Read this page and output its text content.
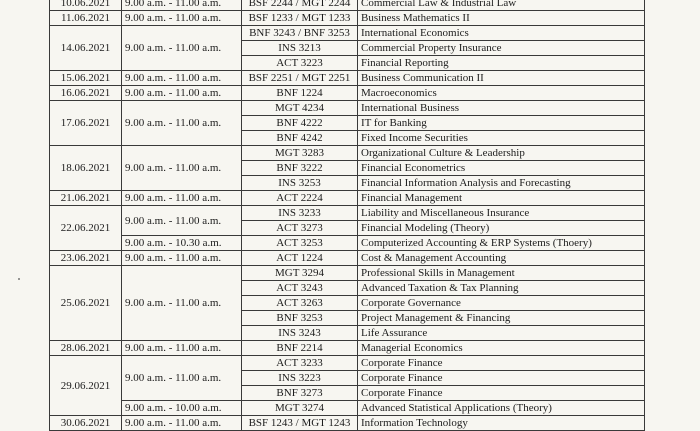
10.06.2021	9.00 a.m. - 11.00 a.m.	BSF 2244 / MGT 2244	Commercial Law & Industrial Law
11.06.2021	9.00 a.m. - 11.00 a.m.	BSF 1233 / MGT 1233	Business Mathematics II
14.06.2021	9.00 a.m. - 11.00 a.m.	BNF 3243 / BNF 3253	International Economics
		INS 3213	Commercial Property Insurance
		ACT 3223	Financial Reporting
15.06.2021	9.00 a.m. - 11.00 a.m.	BSF 2251 / MGT 2251	Business Communication II
16.06.2021	9.00 a.m. - 11.00 a.m.	BNF 1224	Macroeconomics
17.06.2021	9.00 a.m. - 11.00 a.m.	MGT 4234	International Business
		BNF 4222	IT for Banking
		BNF 4242	Fixed Income Securities
18.06.2021	9.00 a.m. - 11.00 a.m.	MGT 3283	Organizational Culture & Leadership
		BNF 3222	Financial Econometrics
		INS 3253	Financial Information Analysis and Forecasting
21.06.2021	9.00 a.m. - 11.00 a.m.	ACT 2224	Financial Management
22.06.2021	9.00 a.m. - 11.00 a.m.	INS 3233	Liability and Miscellaneous Insurance
		ACT 3273	Financial Modeling (Theory)
	9.00 a.m. - 10.30 a.m.	ACT 3253	Computerized Accounting & ERP Systems (Thoery)
23.06.2021	9.00 a.m. - 11.00 a.m.	ACT 1224	Cost & Management Accounting
25.06.2021	9.00 a.m. - 11.00 a.m.	MGT 3294	Professional Skills in Management
		ACT 3243	Advanced Taxation & Tax Planning
		ACT 3263	Corporate Governance
		BNF 3253	Project Management & Financing
		INS 3243	Life Assurance
28.06.2021	9.00 a.m. - 11.00 a.m.	BNF 2214	Managerial Economics
29.06.2021	9.00 a.m. - 11.00 a.m.	ACT 3233	Corporate Finance
		INS 3223	Corporate Finance
		BNF 3273	Corporate Finance
	9.00 a.m. - 10.00 a.m.	MGT 3274	Advanced Statistical Applications (Theory)
30.06.2021	9.00 a.m. - 11.00 a.m.	BSF 1243 / MGT 1243	Information Technology
